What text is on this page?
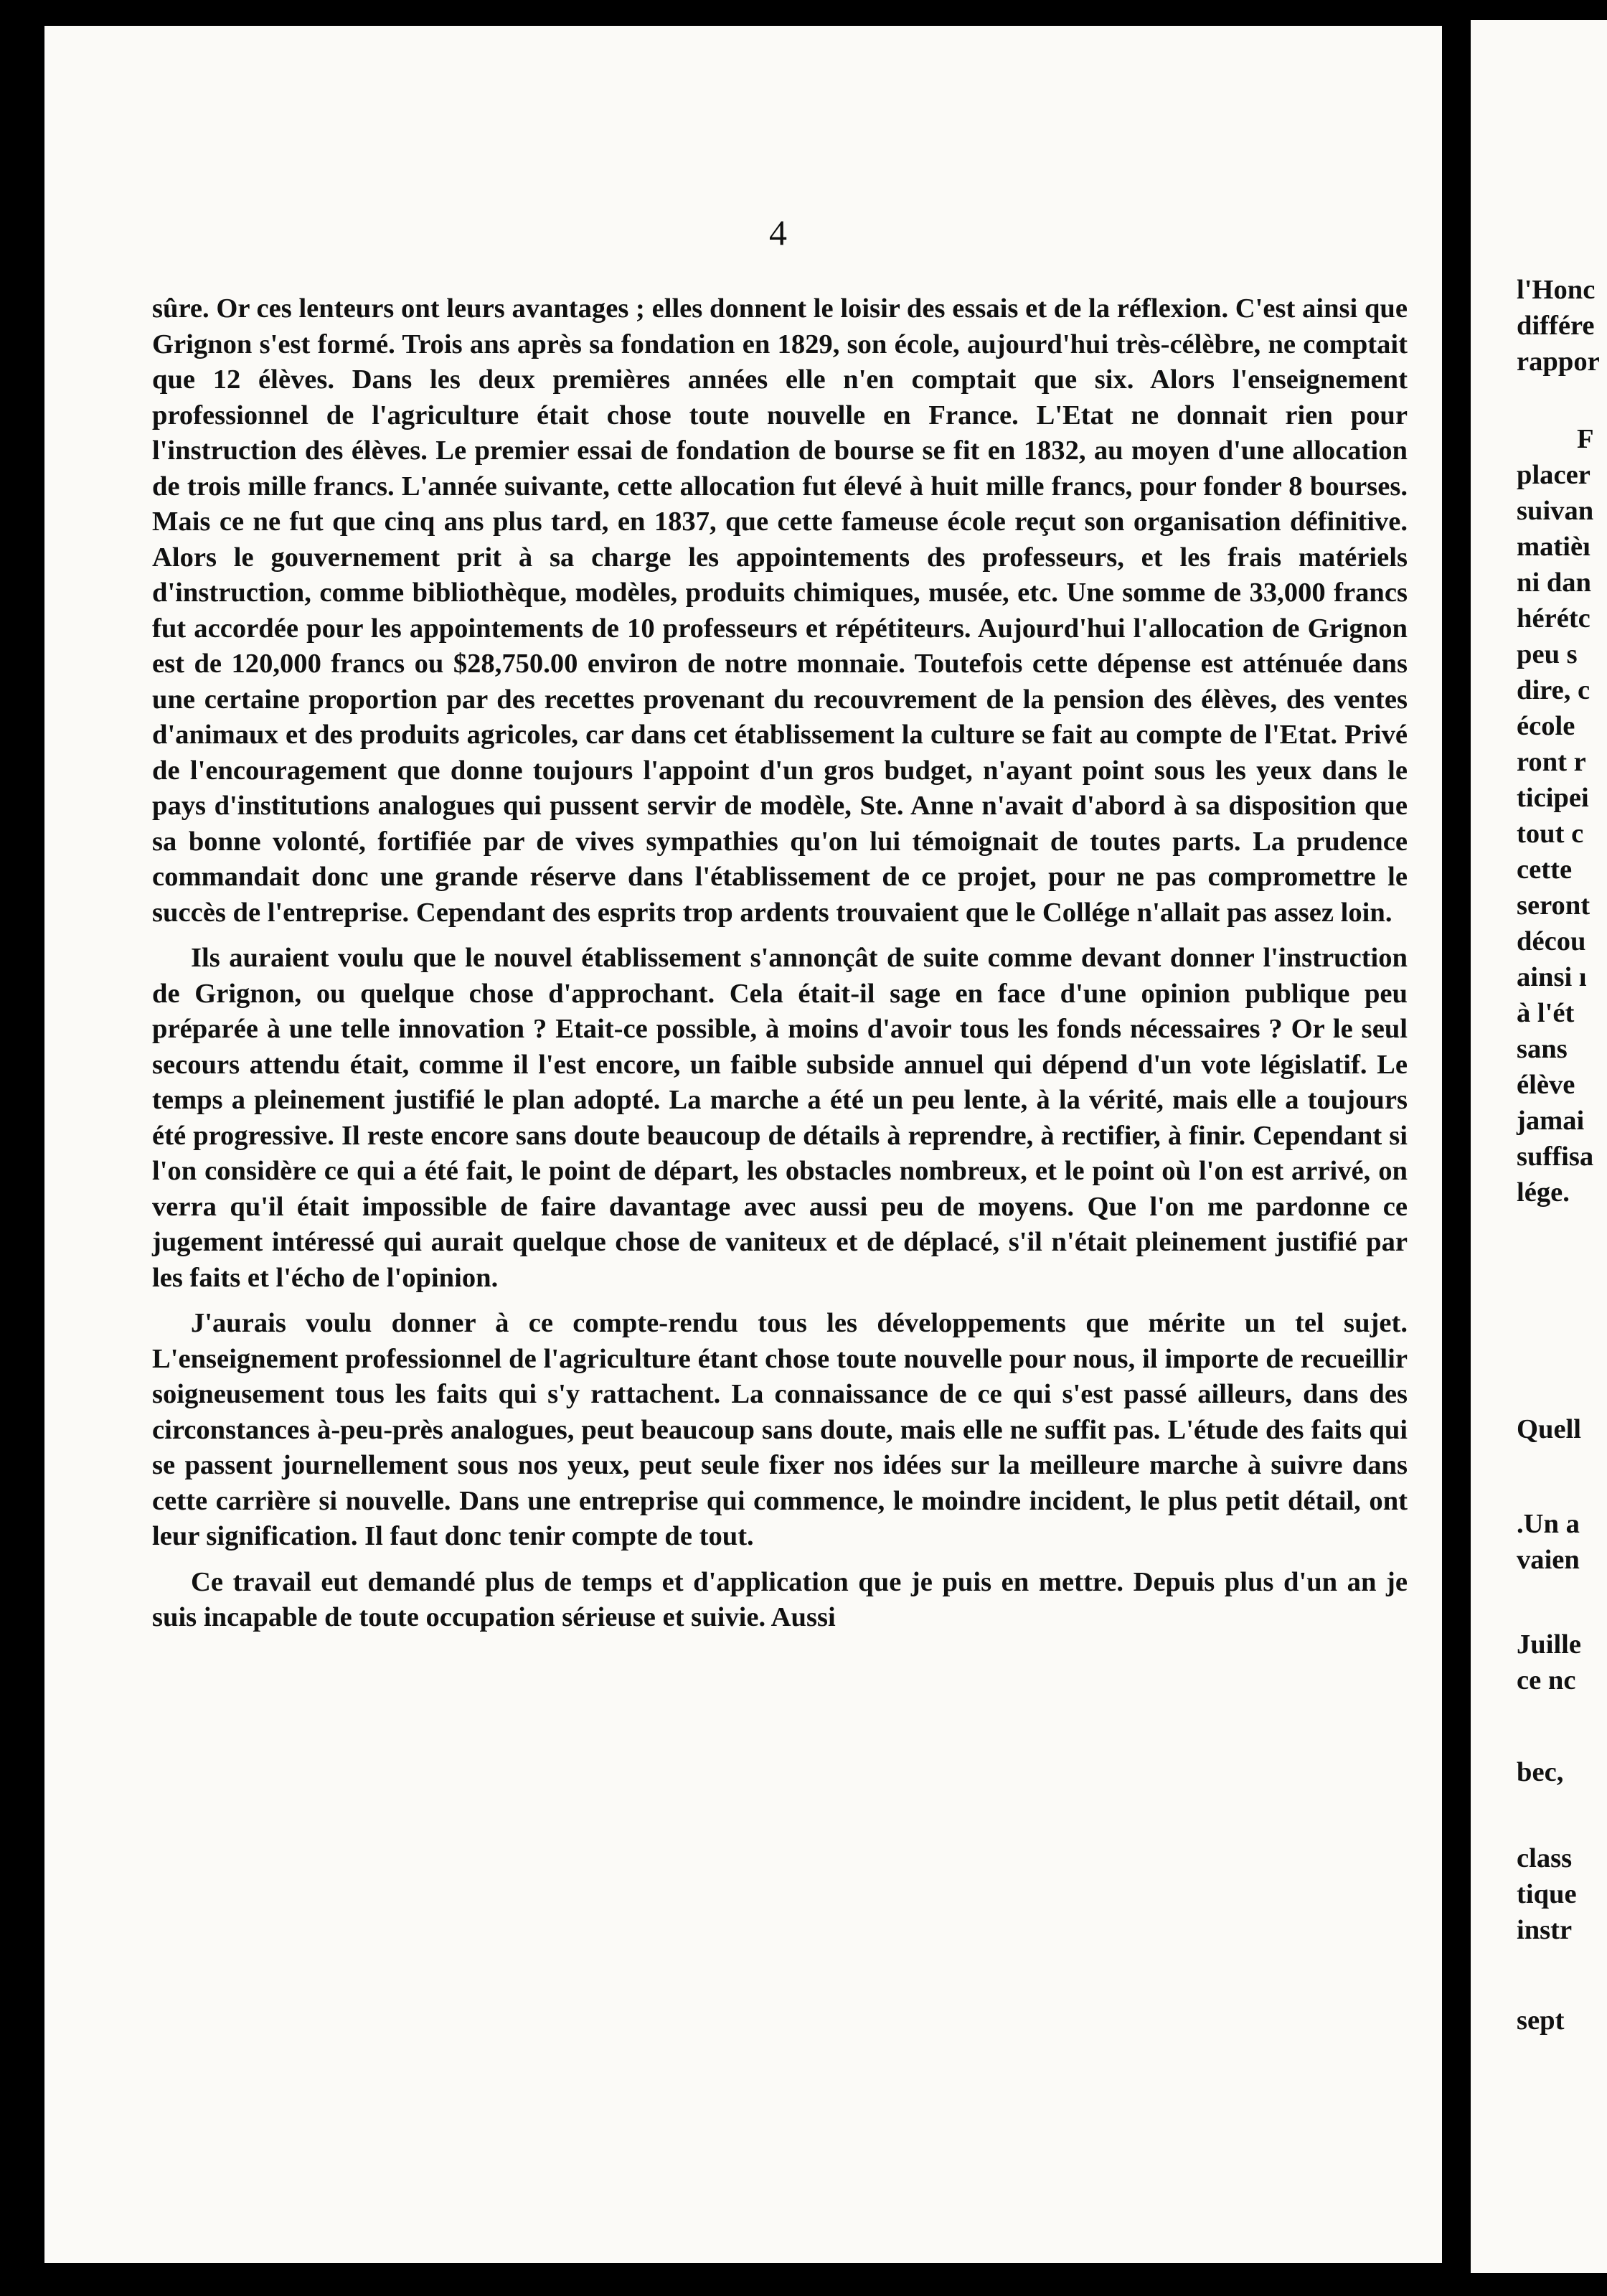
4

sûre. Or ces lenteurs ont leurs avantages ; elles donnent le loisir des essais et de la réflexion. C'est ainsi que Grignon s'est formé. Trois ans après sa fondation en 1829, son école, aujourd'hui très-célèbre, ne comptait que 12 élèves. Dans les deux premières années elle n'en comptait que six. Alors l'enseignement professionnel de l'agriculture était chose toute nouvelle en France. L'Etat ne donnait rien pour l'instruction des élèves. Le premier essai de fondation de bourse se fit en 1832, au moyen d'une allocation de trois mille francs. L'année suivante, cette allocation fut élevé à huit mille francs, pour fonder 8 bourses. Mais ce ne fut que cinq ans plus tard, en 1837, que cette fameuse école reçut son organisation définitive. Alors le gouvernement prit à sa charge les appointements des professeurs, et les frais matériels d'instruction, comme bibliothèque, modèles, produits chimiques, musée, etc. Une somme de 33,000 francs fut accordée pour les appointements de 10 professeurs et répétiteurs. Aujourd'hui l'allocation de Grignon est de 120,000 francs ou $28,750.00 environ de notre monnaie. Toutefois cette dépense est atténuée dans une certaine proportion par des recettes provenant du recouvrement de la pension des élèves, des ventes d'animaux et des produits agricoles, car dans cet établissement la culture se fait au compte de l'Etat. Privé de l'encouragement que donne toujours l'appoint d'un gros budget, n'ayant point sous les yeux dans le pays d'institutions analogues qui pussent servir de modèle, Ste. Anne n'avait d'abord à sa disposition que sa bonne volonté, fortifiée par de vives sympathies qu'on lui témoignait de toutes parts. La prudence commandait donc une grande réserve dans l'établissement de ce projet, pour ne pas compromettre le succès de l'entreprise. Cependant des esprits trop ardents trouvaient que le Collége n'allait pas assez loin.

Ils auraient voulu que le nouvel établissement s'annonçât de suite comme devant donner l'instruction de Grignon, ou quelque chose d'approchant. Cela était-il sage en face d'une opinion publique peu préparée à une telle innovation ? Etait-ce possible, à moins d'avoir tous les fonds nécessaires ? Or le seul secours attendu était, comme il l'est encore, un faible subside annuel qui dépend d'un vote législatif. Le temps a pleinement justifié le plan adopté. La marche a été un peu lente, à la vérité, mais elle a toujours été progressive. Il reste encore sans doute beaucoup de détails à reprendre, à rectifier, à finir. Cependant si l'on considère ce qui a été fait, le point de départ, les obstacles nombreux, et le point où l'on est arrivé, on verra qu'il était impossible de faire davantage avec aussi peu de moyens. Que l'on me pardonne ce jugement intéressé qui aurait quelque chose de vaniteux et de déplacé, s'il n'était pleinement justifié par les faits et l'écho de l'opinion.

J'aurais voulu donner à ce compte-rendu tous les développements que mérite un tel sujet. L'enseignement professionnel de l'agriculture étant chose toute nouvelle pour nous, il importe de recueillir soigneusement tous les faits qui s'y rattachent. La connaissance de ce qui s'est passé ailleurs, dans des circonstances à-peu-près analogues, peut beaucoup sans doute, mais elle ne suffit pas. L'étude des faits qui se passent journellement sous nos yeux, peut seule fixer nos idées sur la meilleure marche à suivre dans cette carrière si nouvelle. Dans une entreprise qui commence, le moindre incident, le plus petit détail, ont leur signification. Il faut donc tenir compte de tout.

Ce travail eut demandé plus de temps et d'application que je puis en mettre. Depuis plus d'un an je suis incapable de toute occupation sérieuse et suivie. Aussi

l'Honc
différe
rappor
F
placer
suivan
matièı
ni dan
hérétc
peu s
dire, c
école
ront r
ticipei
tout c
cette
seront
décou
ainsi ı
à l'ét
sans
élève
jamai
suffisa
lége.
Quell
.Un a
vaien
Juille
ce nc
bec,
class
tique
instr
sept
